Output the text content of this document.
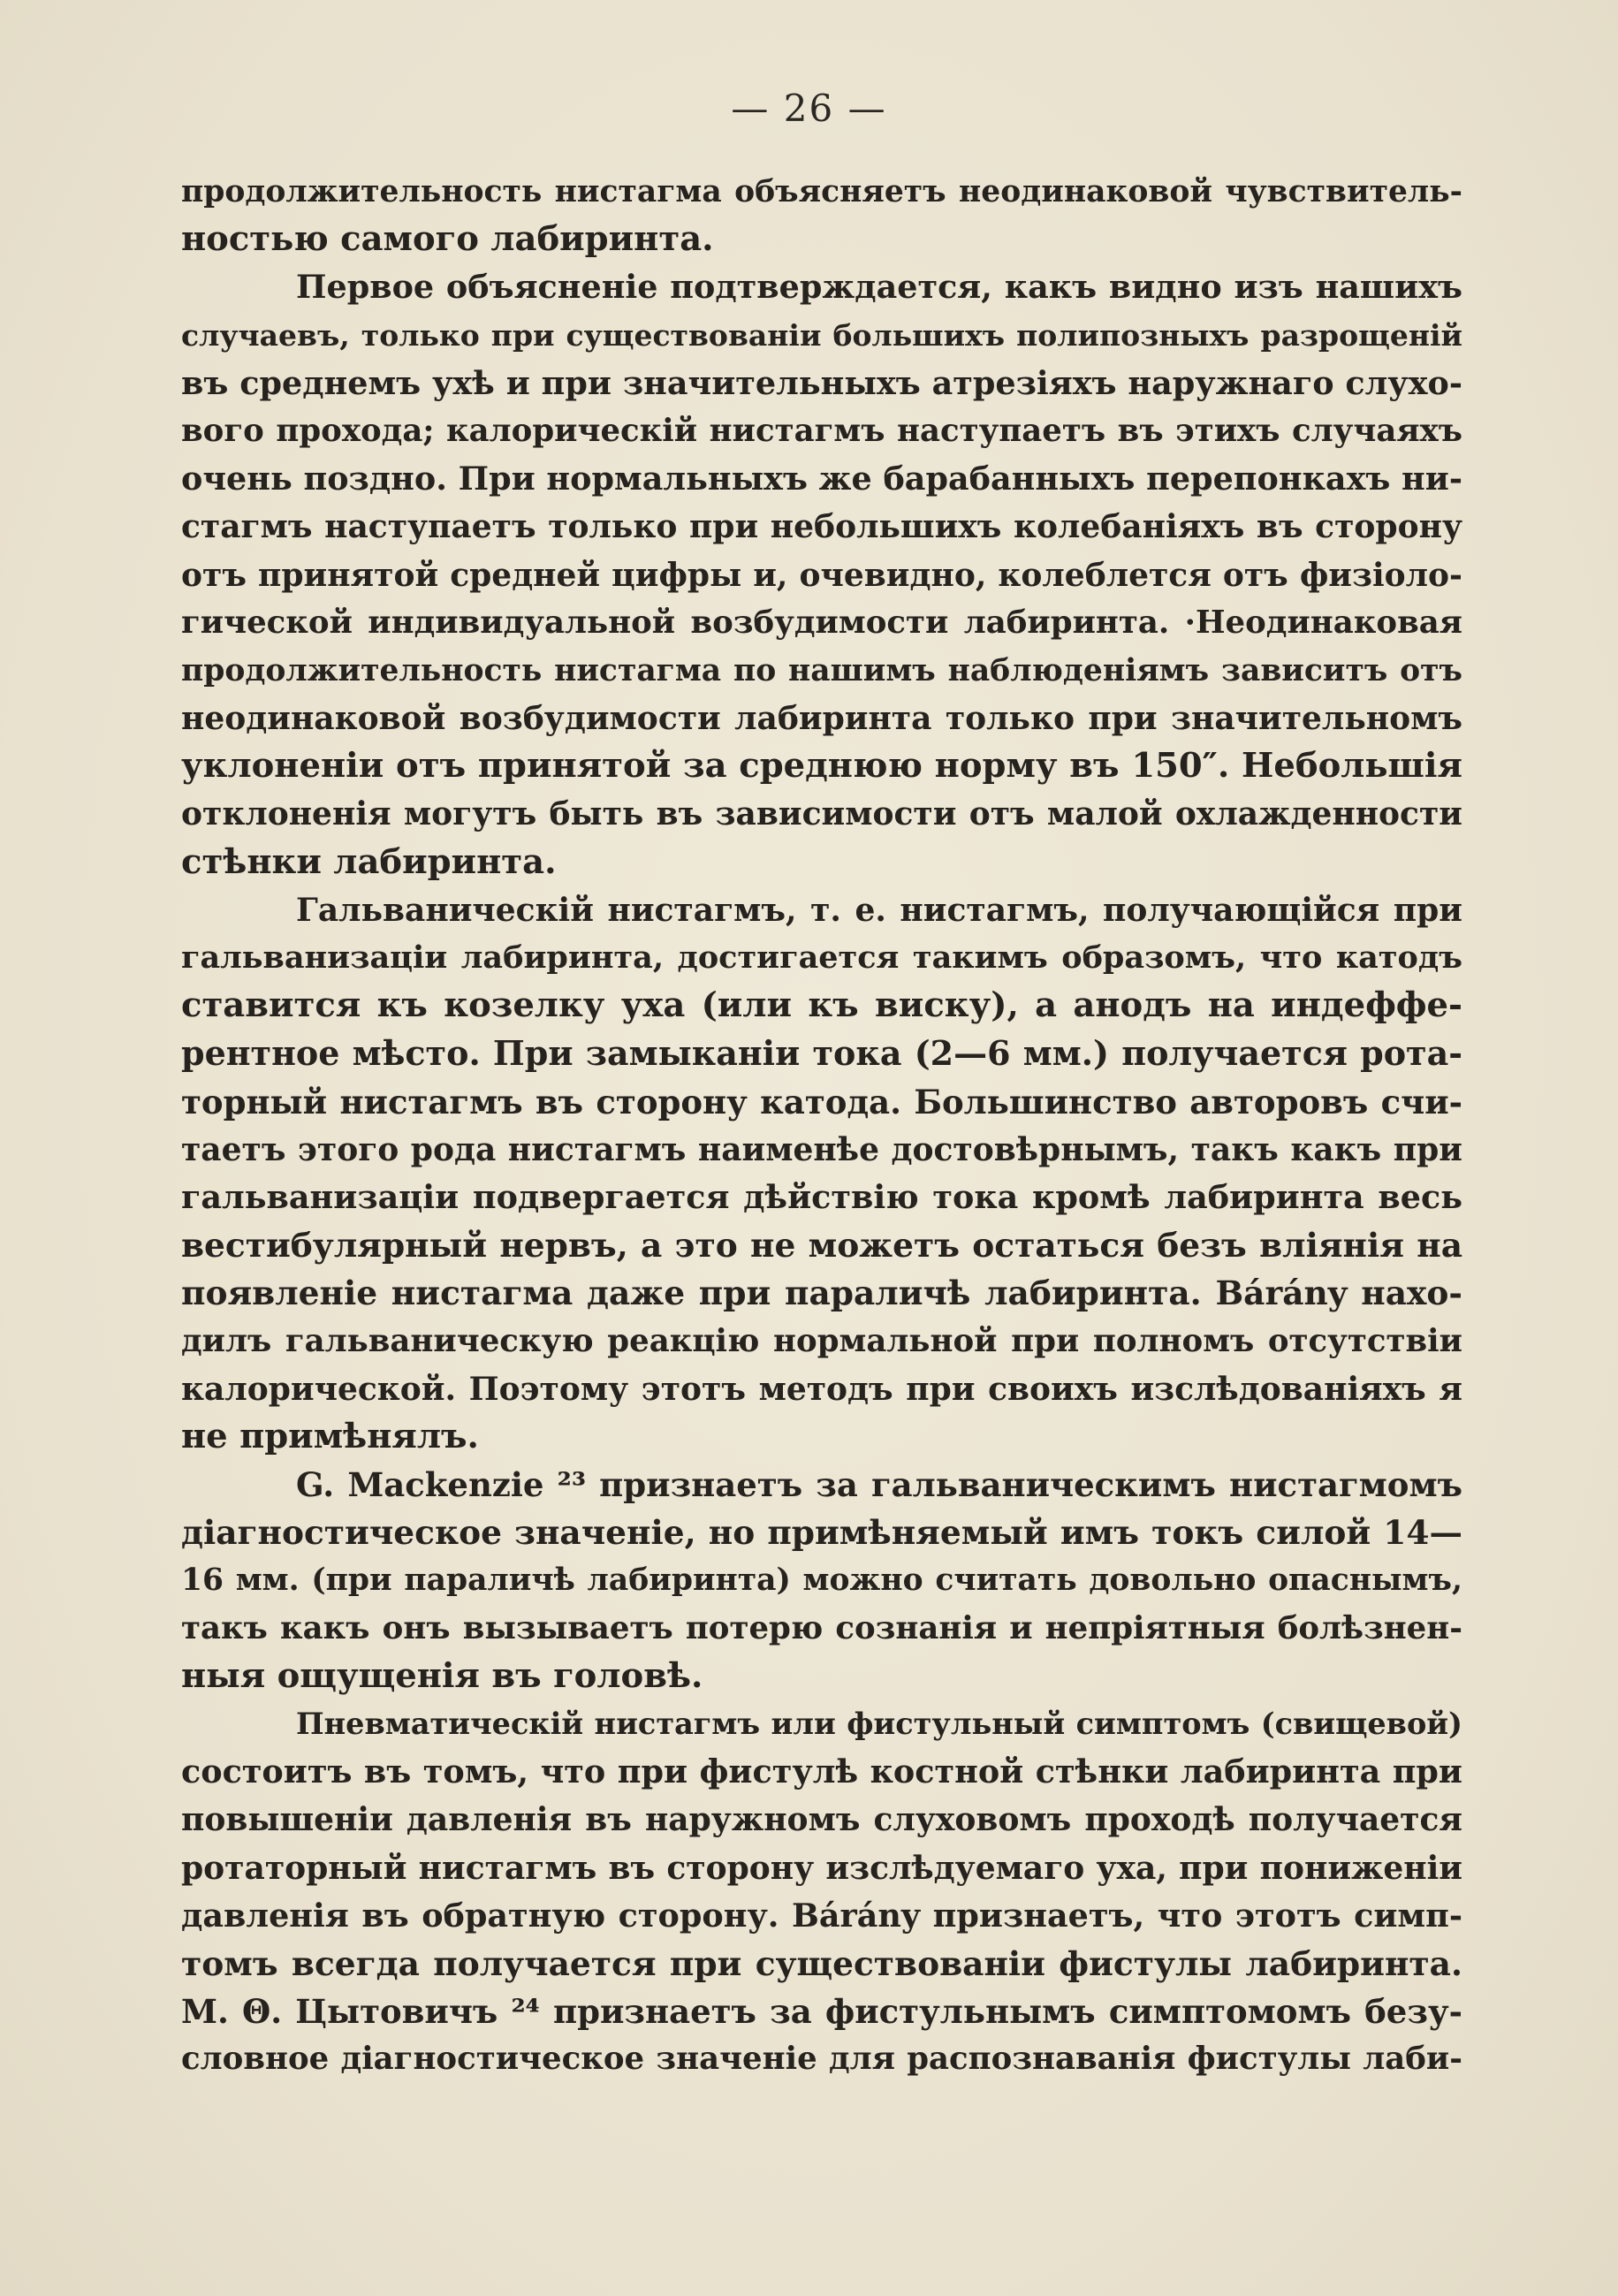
— 26 —
продолжительность нистагма объясняетъ неодинаковой чувствитель-
ностью самого лабиринта.
Первое объясненіе подтверждается, какъ видно изъ нашихъ
случаевъ, только при существованіи большихъ полипозныхъ разрощеній
въ среднемъ ухѣ и при значительныхъ атрезіяхъ наружнаго слухо-
вого прохода; калорическій нистагмъ наступаетъ въ этихъ случаяхъ
очень поздно. При нормальныхъ же барабанныхъ перепонкахъ ни-
стагмъ наступаетъ только при небольшихъ колебаніяхъ въ сторону
отъ принятой средней цифры и, очевидно, колеблется отъ физіоло-
гической индивидуальной возбудимости лабиринта. ·Неодинаковая
продолжительность нистагма по нашимъ наблюденіямъ зависитъ отъ
неодинаковой возбудимости лабиринта только при значительномъ
уклоненіи отъ принятой за среднюю норму въ 150″. Небольшія
отклоненія могутъ быть въ зависимости отъ малой охлажденности
стѣнки лабиринта.
Гальваническій нистагмъ, т. е. нистагмъ, получающійся при
гальванизаціи лабиринта, достигается такимъ образомъ, что катодъ
ставится къ козелку уха (или къ виску), а анодъ на индеффе-
рентное мѣсто. При замыканіи тока (2—6 мм.) получается рота-
торный нистагмъ въ сторону катода. Большинство авторовъ счи-
таетъ этого рода нистагмъ наименѣе достовѣрнымъ, такъ какъ при
гальванизаціи подвергается дѣйствію тока кромѣ лабиринта весь
вестибулярный нервъ, а это не можетъ остаться безъ вліянія на
появленіе нистагма даже при параличѣ лабиринта. Bárány нахо-
дилъ гальваническую реакцію нормальной при полномъ отсутствіи
калорической. Поэтому этотъ методъ при своихъ изслѣдованіяхъ я
не примѣнялъ.
G. Mackenzie ²³ признаетъ за гальваническимъ нистагмомъ
діагностическое значеніе, но примѣняемый имъ токъ силой 14—
16 мм. (при параличѣ лабиринта) можно считать довольно опаснымъ,
такъ какъ онъ вызываетъ потерю сознанія и непріятныя болѣзнен-
ныя ощущенія въ головѣ.
Пневматическій нистагмъ или фистульный симптомъ (свищевой)
состоитъ въ томъ, что при фистулѣ костной стѣнки лабиринта при
повышеніи давленія въ наружномъ слуховомъ проходѣ получается
ротаторный нистагмъ въ сторону изслѣдуемаго уха, при пониженіи
давленія въ обратную сторону. Bárány признаетъ, что этотъ симп-
томъ всегда получается при существованіи фистулы лабиринта.
М. Θ. Цытовичъ ²⁴ признаетъ за фистульнымъ симптомомъ безу-
словное діагностическое значеніе для распознаванія фистулы лаби-
